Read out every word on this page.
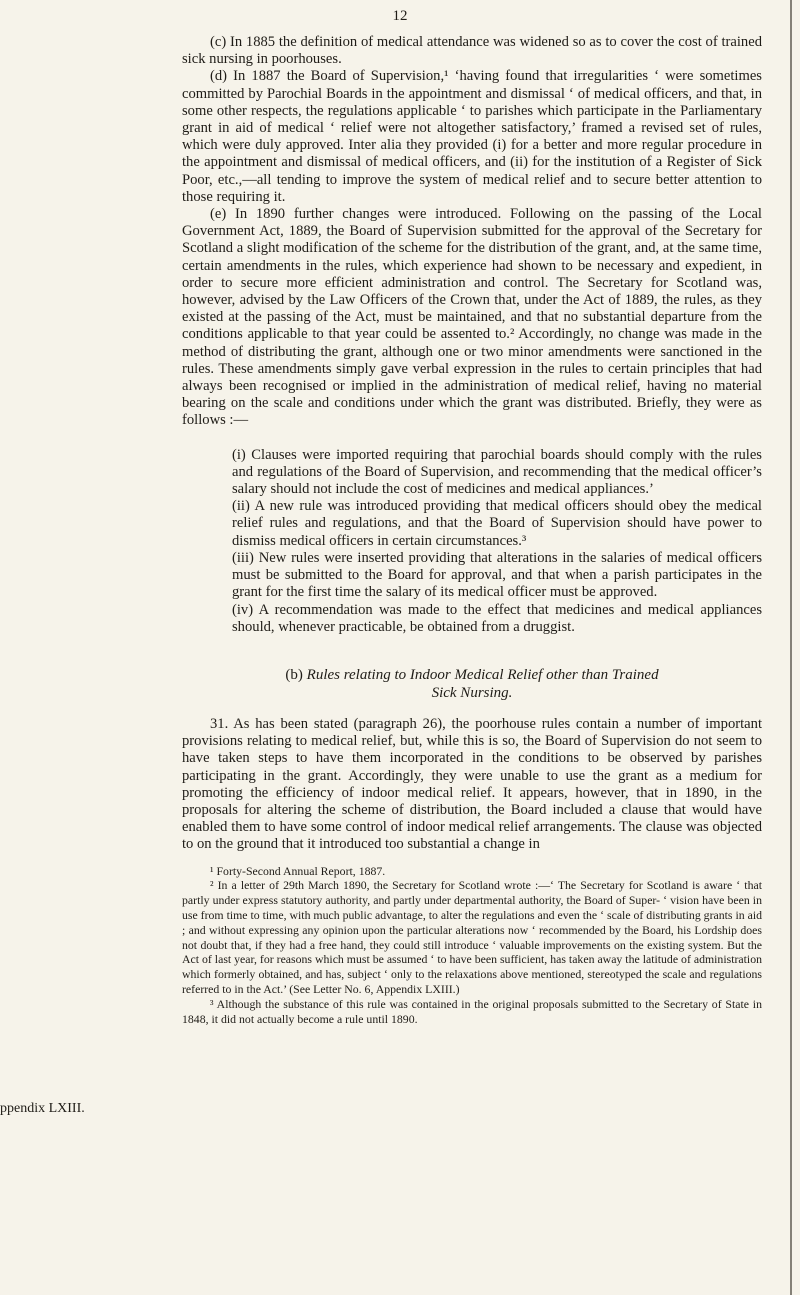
12

(c) In 1885 the definition of medical attendance was widened so as to cover the cost of trained sick nursing in poorhouses.

(d) In 1887 the Board of Supervision,¹ ‘having found that irregularities ‘ were sometimes committed by Parochial Boards in the appointment and dismissal ‘ of medical officers, and that, in some other respects, the regulations applicable ‘ to parishes which participate in the Parliamentary grant in aid of medical ‘ relief were not altogether satisfactory,’ framed a revised set of rules, which were duly approved. Inter alia they provided (i) for a better and more regular procedure in the appointment and dismissal of medical officers, and (ii) for the institution of a Register of Sick Poor, etc.,—all tending to improve the system of medical relief and to secure better attention to those requiring it.

(e) In 1890 further changes were introduced. Following on the passing of the Local Government Act, 1889, the Board of Supervision submitted for the approval of the Secretary for Scotland a slight modification of the scheme for the distribution of the grant, and, at the same time, certain amendments in the rules, which experience had shown to be necessary and expedient, in order to secure more efficient administration and control. The Secretary for Scotland was, however, advised by the Law Officers of the Crown that, under the Act of 1889, the rules, as they existed at the passing of the Act, must be maintained, and that no substantial departure from the conditions applicable to that year could be assented to.² Accordingly, no change was made in the method of distributing the grant, although one or two minor amendments were sanctioned in the rules. These amendments simply gave verbal expression in the rules to certain principles that had always been recognised or implied in the administration of medical relief, having no material bearing on the scale and conditions under which the grant was distributed. Briefly, they were as follows :—

(i) Clauses were imported requiring that parochial boards should comply with the rules and regulations of the Board of Supervision, and recommending that the medical officer’s salary should not include the cost of medicines and medical appliances.’

(ii) A new rule was introduced providing that medical officers should obey the medical relief rules and regulations, and that the Board of Supervision should have power to dismiss medical officers in certain circumstances.³

(iii) New rules were inserted providing that alterations in the salaries of medical officers must be submitted to the Board for approval, and that when a parish participates in the grant for the first time the salary of its medical officer must be approved.

(iv) A recommendation was made to the effect that medicines and medical appliances should, whenever practicable, be obtained from a druggist.

(b) Rules relating to Indoor Medical Relief other than Trained
Sick Nursing.

31. As has been stated (paragraph 26), the poorhouse rules contain a number of important provisions relating to medical relief, but, while this is so, the Board of Supervision do not seem to have taken steps to have them incorporated in the conditions to be observed by parishes participating in the grant. Accordingly, they were unable to use the grant as a medium for promoting the efficiency of indoor medical relief. It appears, however, that in 1890, in the proposals for altering the scheme of distribution, the Board included a clause that would have enabled them to have some control of indoor medical relief arrangements. The clause was objected to on the ground that it introduced too substantial a change in

¹ Forty-Second Annual Report, 1887.

² In a letter of 29th March 1890, the Secretary for Scotland wrote :—‘ The Secretary for Scotland is aware ‘ that partly under express statutory authority, and partly under departmental authority, the Board of Super- ‘ vision have been in use from time to time, with much public advantage, to alter the regulations and even the ‘ scale of distributing grants in aid ; and without expressing any opinion upon the particular alterations now ‘ recommended by the Board, his Lordship does not doubt that, if they had a free hand, they could still introduce ‘ valuable improvements on the existing system. But the Act of last year, for reasons which must be assumed ‘ to have been sufficient, has taken away the latitude of administration which formerly obtained, and has, subject ‘ only to the relaxations above mentioned, stereotyped the scale and regulations referred to in the Act.’ (See Letter No. 6, Appendix LXIII.)

³ Although the substance of this rule was contained in the original proposals submitted to the Secretary of State in 1848, it did not actually become a rule until 1890.

ppendix LXIII.
